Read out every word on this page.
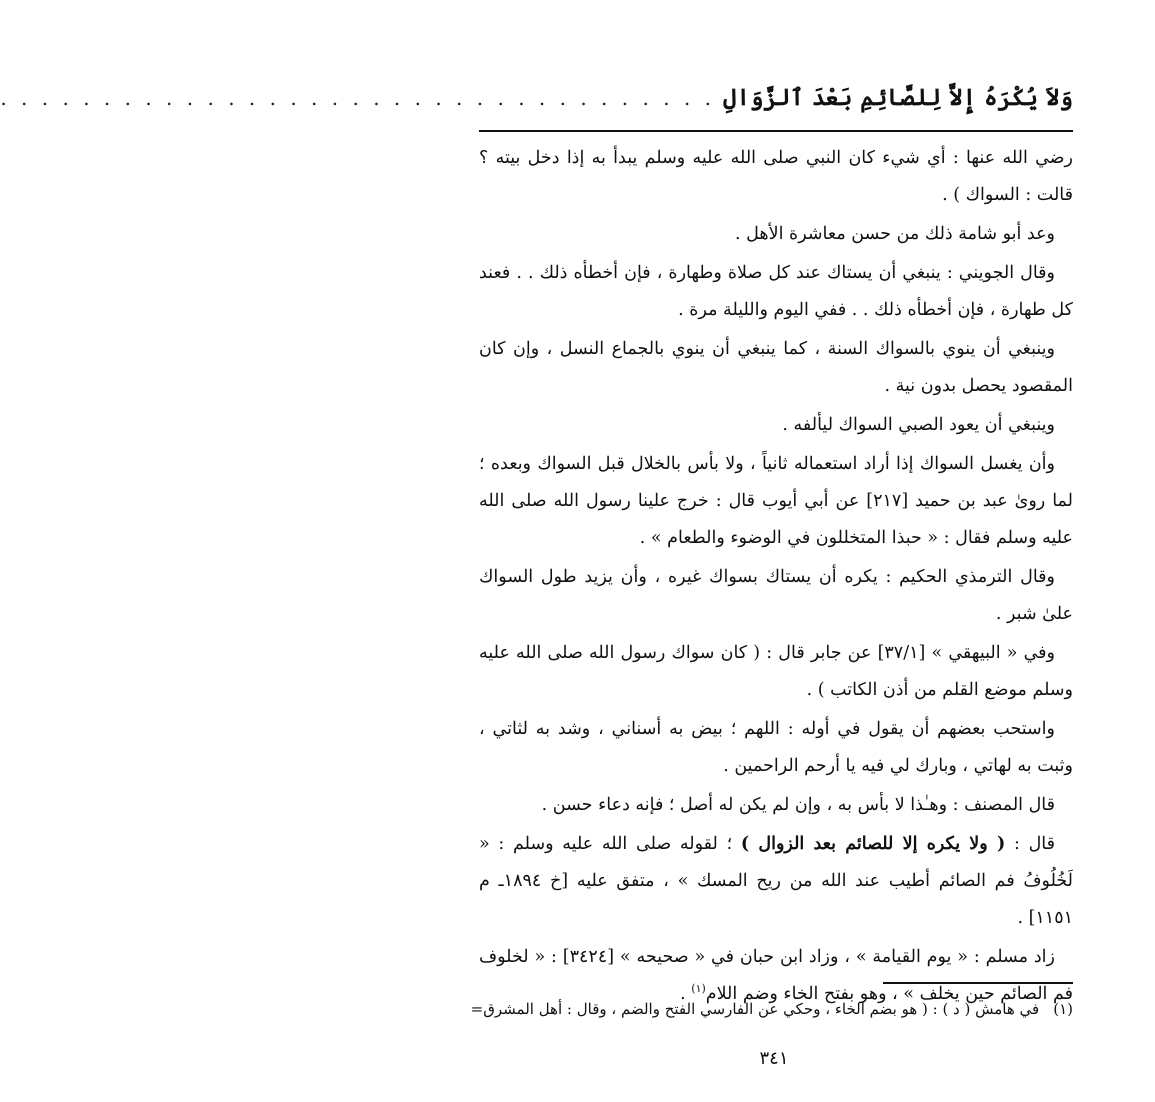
وَلاَ يُكْرَهُ إِلاَّ لِلصَّائِمِ بَعْدَ ٱلزَّوَالِ
. . . . . . . . . . . . . . . . . . . . . . . . . . . . . . . . . . .

رضي الله عنها : أي شيء كان النبي صلى الله عليه وسلم يبدأ به إذا دخل بيته ؟ قالت : السواك ) .

وعد أبو شامة ذلك من حسن معاشرة الأهل .

وقال الجويني : ينبغي أن يستاك عند كل صلاة وطهارة ، فإن أخطأه ذلك . . فعند كل طهارة ، فإن أخطأه ذلك . . ففي اليوم والليلة مرة .

وينبغي أن ينوي بالسواك السنة ، كما ينبغي أن ينوي بالجماع النسل ، وإن كان المقصود يحصل بدون نية .

وينبغي أن يعود الصبي السواك ليألفه .

وأن يغسل السواك إذا أراد استعماله ثانياً ، ولا بأس بالخلال قبل السواك وبعده ؛ لما روىٰ عبد بن حميد [٢١٧] عن أبي أيوب قال : خرج علينا رسول الله صلى الله عليه وسلم فقال : « حبذا المتخللون في الوضوء والطعام » .

وقال الترمذي الحكيم : يكره أن يستاك بسواك غيره ، وأن يزيد طول السواك علىٰ شبر .

وفي « البيهقي » [٣٧/١] عن جابر قال : ( كان سواك رسول الله صلى الله عليه وسلم موضع القلم من أذن الكاتب ) .

واستحب بعضهم أن يقول في أوله : اللهم ؛ بيض به أسناني ، وشد به لثاتي ، وثبت به لهاتي ، وبارك لي فيه يا أرحم الراحمين .

قال المصنف : وهـٰذا لا بأس به ، وإن لم يكن له أصل ؛ فإنه دعاء حسن .

قال : ( ولا يكره إلا للصائم بعد الزوال ) ؛ لقوله صلى الله عليه وسلم : « لَخُلُوفُ فم الصائم أطيب عند الله من ريح المسك » ، متفق عليه [خ ١٨٩٤ـ م ١١٥١] .

زاد مسلم : « يوم القيامة » ، وزاد ابن حبان في « صحيحه » [٣٤٢٤] : « لخلوف فم الصائم حين يخلف » ، وهو بفتح الخاء وضم اللام$^{(١)}$ .

(١)في هامش ( د ) : ( هو بضم الخاء ، وحكي عن الفارسي الفتح والضم ، وقال : أهل المشرق=
٣٤١
